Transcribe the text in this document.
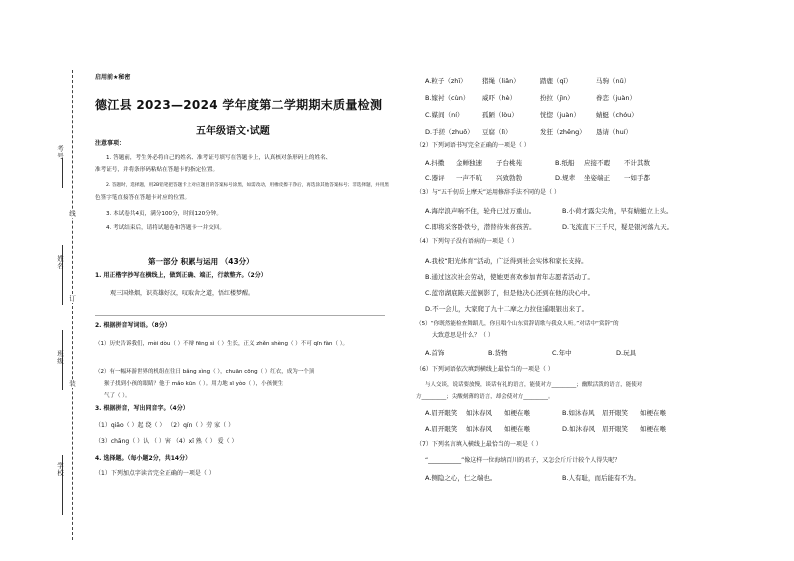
考号
姓名
班级
学校
线
订
装
启用前★秘密
德江县 2023—2024 学年度第二学期期末质量检测
五年级语文·试题
注意事项：
1. 答题前，考生务必将自己的姓名、准考证号填写在答题卡上，认真核对条形码上的姓名、
准考证号，并将条形码粘贴在答题卡的指定位置。
2. 答题时，选择题，用2B铅笔把答题卡上对应题目的答案标号涂黑，如需改动，用橡皮擦干净后，再选涂其他答案标号；非选择题，并用黑
色签字笔直接答在答题卡对应的位置。
3. 本试卷共4页，满分100分，时间120分钟。
4. 考试结束后，请将试题卷和答题卡一并交回。
第一部分 积累与运用 （43分）
1. 用正楷字抄写在横线上，做到正确、端正，行款整齐。（2分）
观三国烽烟，识英雄好汉，叹取舍之道，悟红楼梦醒。
2. 根据拼音写词语。（8分）
（1）历史告诉我们，mèi dòu（ ）不辩 fēng sì（ ）生长，正义 zhěn shèng（ ）不可 qīn fàn（ ）。
（2）有一幅环游世界的机组在往日 bǎng xìng（ ），chuān cōng（ ）红衣，成为一个顶
猴子找到小孩的眼睛？他于 mǎo kūn（ ）。用力地 sī yòo（ ），小孩便生
气了（ ）。
3. 根据拼音，写出同音字。（4分）
（1）qiāo（ ）起 绕（ ） （2）qín（ ）劳 家（ ）
（3）chāng（ ）认 （ ）害 （4）xī 熟（ ） 爱（ ）
4. 选择题。（每小题2分，共14分）
（1）下列加点字读音完全正确的一项是（ ）
A.粒子（zhī） 猪绳（liǎn）	踏鹿（qī）	马驹（nǔ）
B.嫁衬（cùn） 威吓（hè）	扮拉（jìn）	眷恋（juàn）
C.媒间（ní）	孤陋（lòu）	恍惚（juàn） 蜻蜓（chóu）
D.手搓（zhuō） 豆腐（lì）	发狂（zhēng） 恳请（huí）
（2）下列词语书写完全正确的一项是（ ）
A.抖擞 金蝉独速 子台桃苑	B.纸船 应接不暇 不计其数
C.器评 一声不吭 兴致勃勃	D.规辈 坐姿端正 一如手都
（3）与“五千仞岳上摩天”运用修辞手法不同的是（ ）
A.海岸浪声响不住，轮舟已过万重山。	B.小荷才露尖尖角，早有蜻蜓立上头。
C.即将采客卧铁兮，潜替待朱喜孩苦。	D.飞流直下三千尺，疑是银河落九天。
（4）下列句子没有语病的一项是（ ）
A.我校“阳光体育”活动，广泛得到社会实体和家长支持。
B.通过这次社会劳动，使她更喜欢参加青年志愿者活动了。
C.蓝帘湖底陈天蓝倒影了，但是他决心还到在他的决心中。
D.不一会儿，大家爬了九十二摩之力拉住遥眼银出来了。
（5）“你既然能检查舞蹈儿，你且唱个山东赏辞请歌与我众人听。”对话中“赏辞”的
大致意思是什么？（ ）
A.首饰	B.货物	C.年中	D.玩具
（6）下列词语依次填到横线上最恰当的一项是（ ）
与人交谈，说话要放慢，谈话有礼的语言，能使对方_________；幽默活泼的语言，能使对
方_________；尖酸刻薄的语言，却会使对方_________。
A.眉开眼笑 如沐春风 如梗在喉	B.如沐春风 眉开眼笑 如梗在喉
A.眉开眼笑 如沐春风 如梗在喉	D.如沐春风 眉开眼笑 如梗在喉
（7）下列名言填入横线上最恰当的一项是（ ）
“___________”像这样一位海纳百川的君子，又怎会斤斤计较个人得失呢？
A.侧隐之心，仁之端也。	B.人有耻，而后能有不为。
